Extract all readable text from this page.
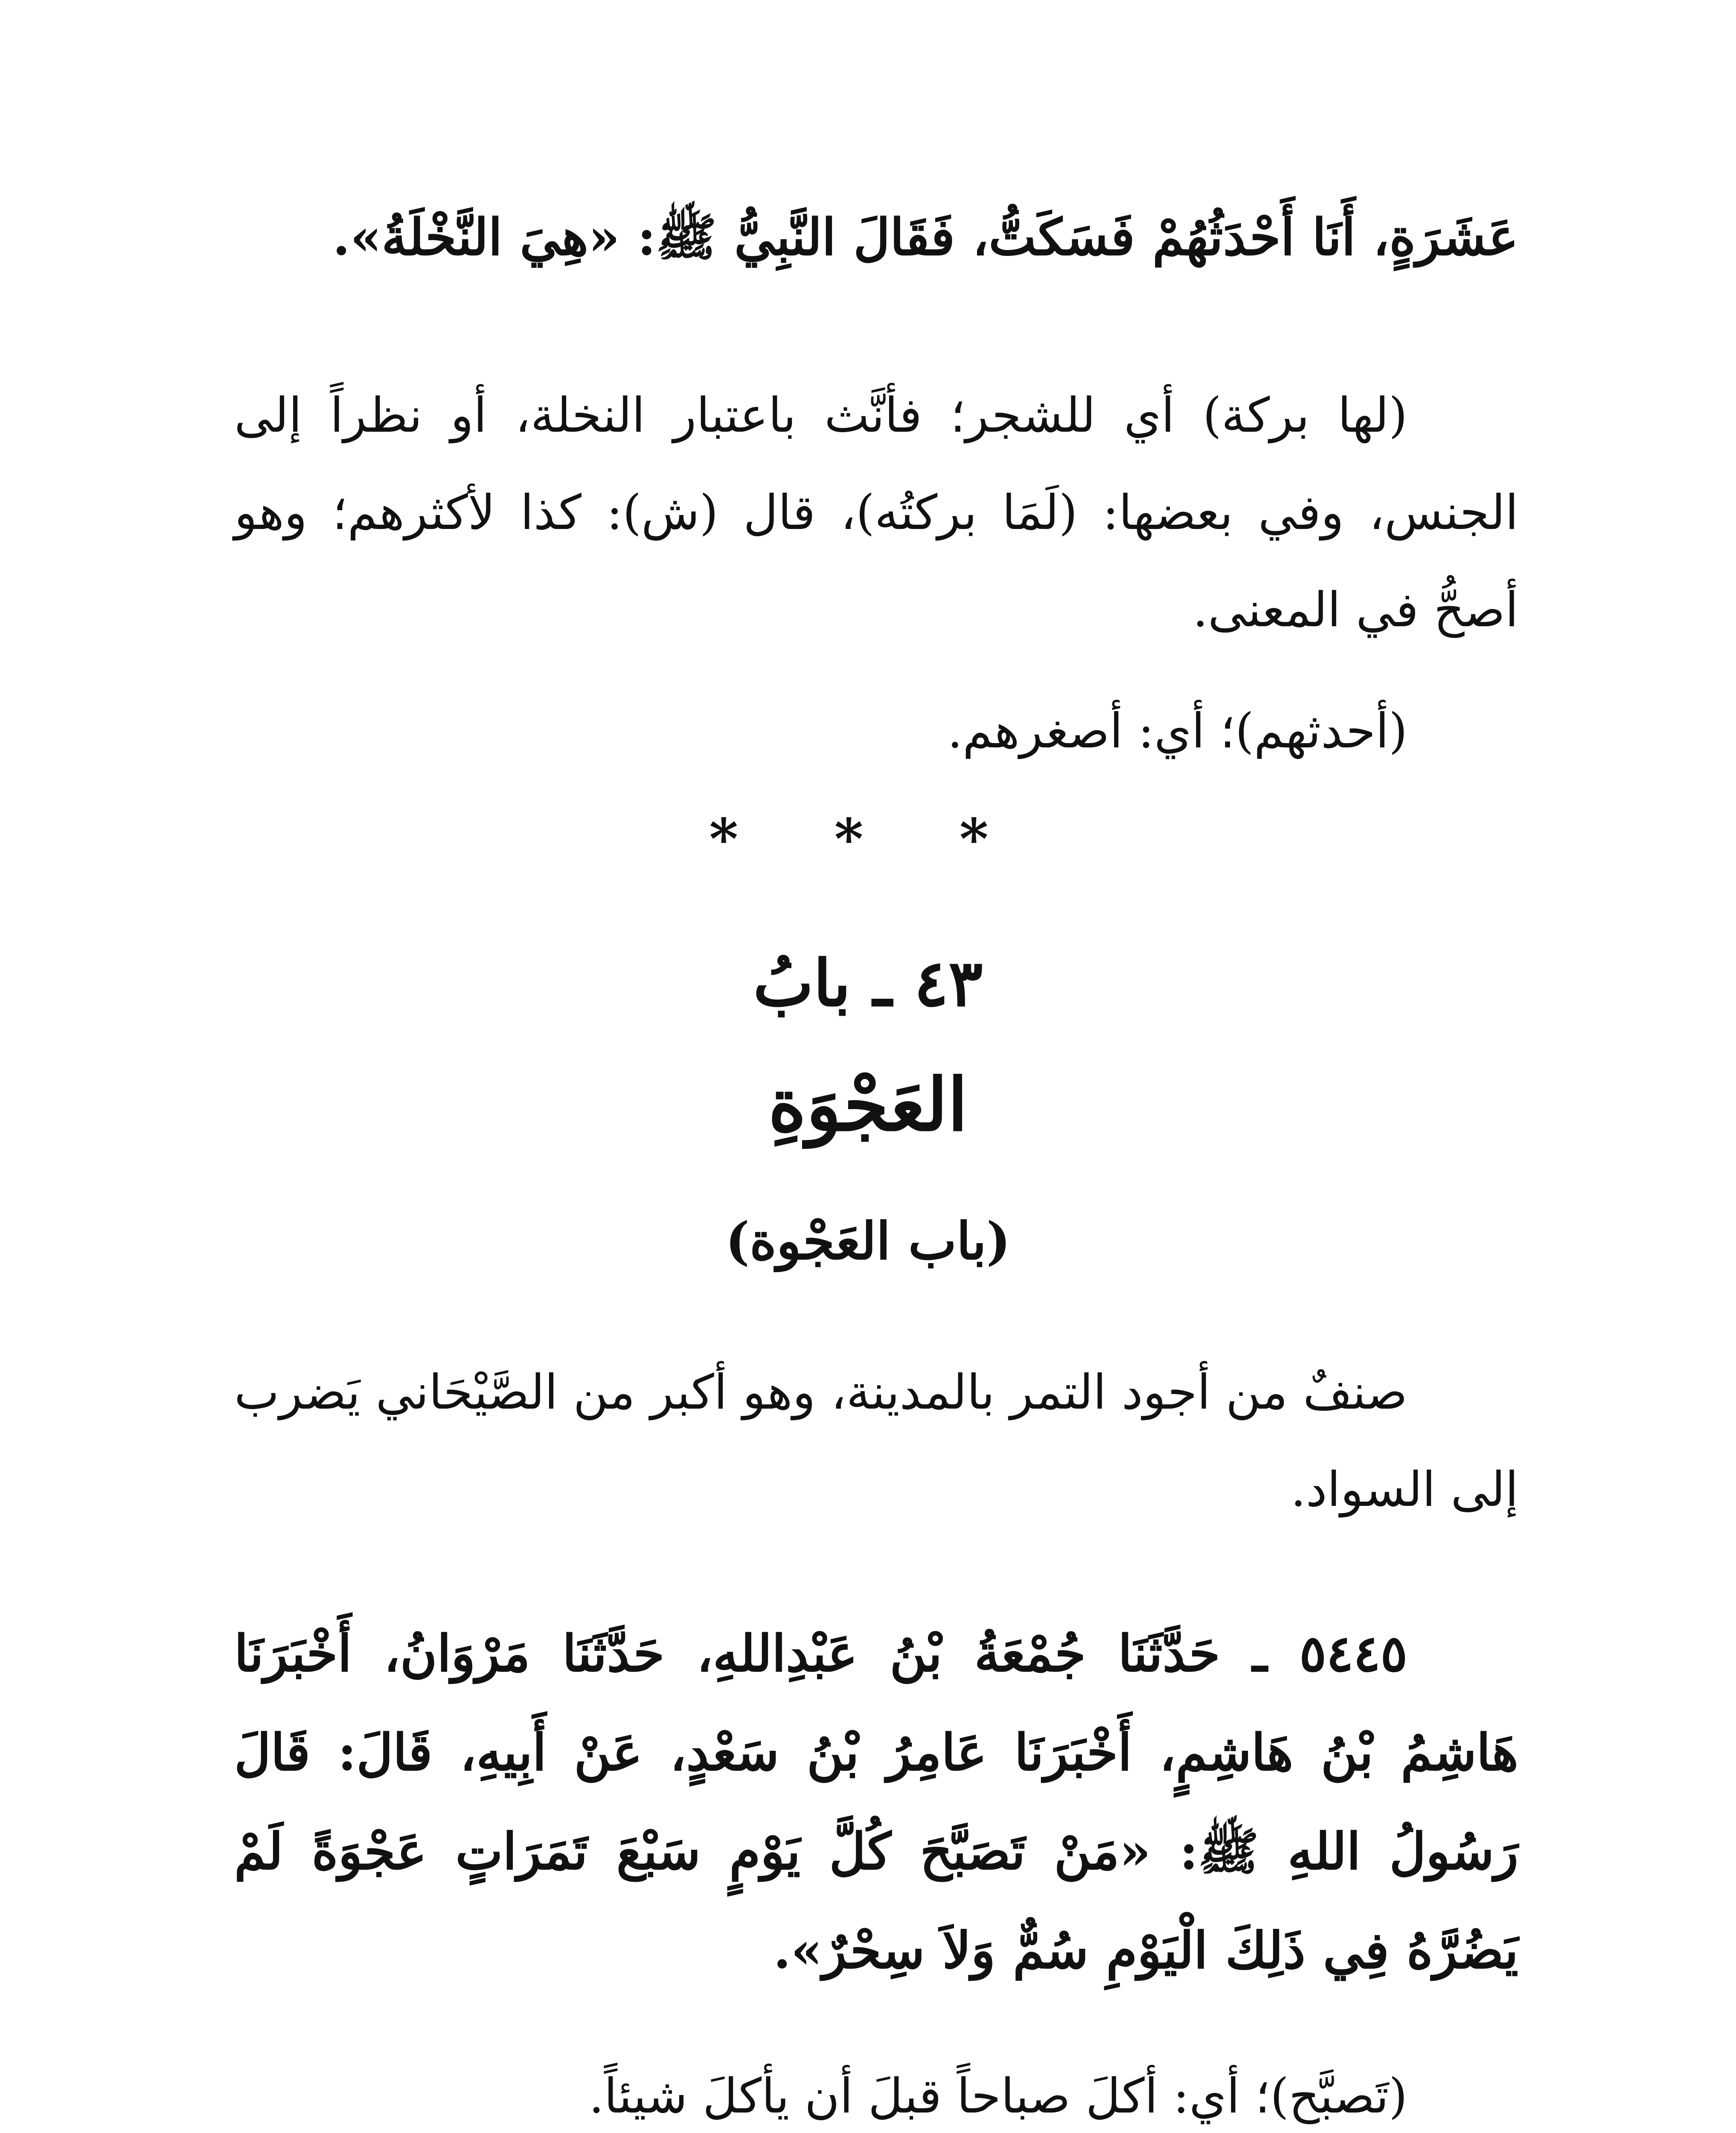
عَشَرَةٍ، أَنَا أَحْدَثُهُمْ فَسَكَتُّ، فَقَالَ النَّبِيُّ ﷺ: «هِيَ النَّخْلَةُ».
(لها بركة) أي للشجر؛ فأنَّث باعتبار النخلة، أو نظراً إلى الجنس، وفي بعضها: (لَمَا بركتُه)، قال (ش): كذا لأكثرهم؛ وهو أصحُّ في المعنى.
(أحدثهم)؛ أي: أصغرهم.
* * *
٤٣ ـ بابُ
العَجْوَةِ
(باب العَجْوة)
صنفٌ من أجود التمر بالمدينة، وهو أكبر من الصَّيْحَاني يَضرب إلى السواد.
٥٤٤٥ ـ حَدَّثَنَا جُمْعَةُ بْنُ عَبْدِاللهِ، حَدَّثَنَا مَرْوَانُ، أَخْبَرَنَا هَاشِمُ بْنُ هَاشِمٍ، أَخْبَرَنَا عَامِرُ بْنُ سَعْدٍ، عَنْ أَبِيهِ، قَالَ: قَالَ رَسُولُ اللهِ ﷺ: «مَنْ تَصَبَّحَ كُلَّ يَوْمٍ سَبْعَ تَمَرَاتٍ عَجْوَةً لَمْ يَضُرَّهُ فِي ذَلِكَ الْيَوْمِ سُمٌّ وَلاَ سِحْرٌ».
(تَصبَّح)؛ أي: أكلَ صباحاً قبلَ أن يأكلَ شيئاً.
